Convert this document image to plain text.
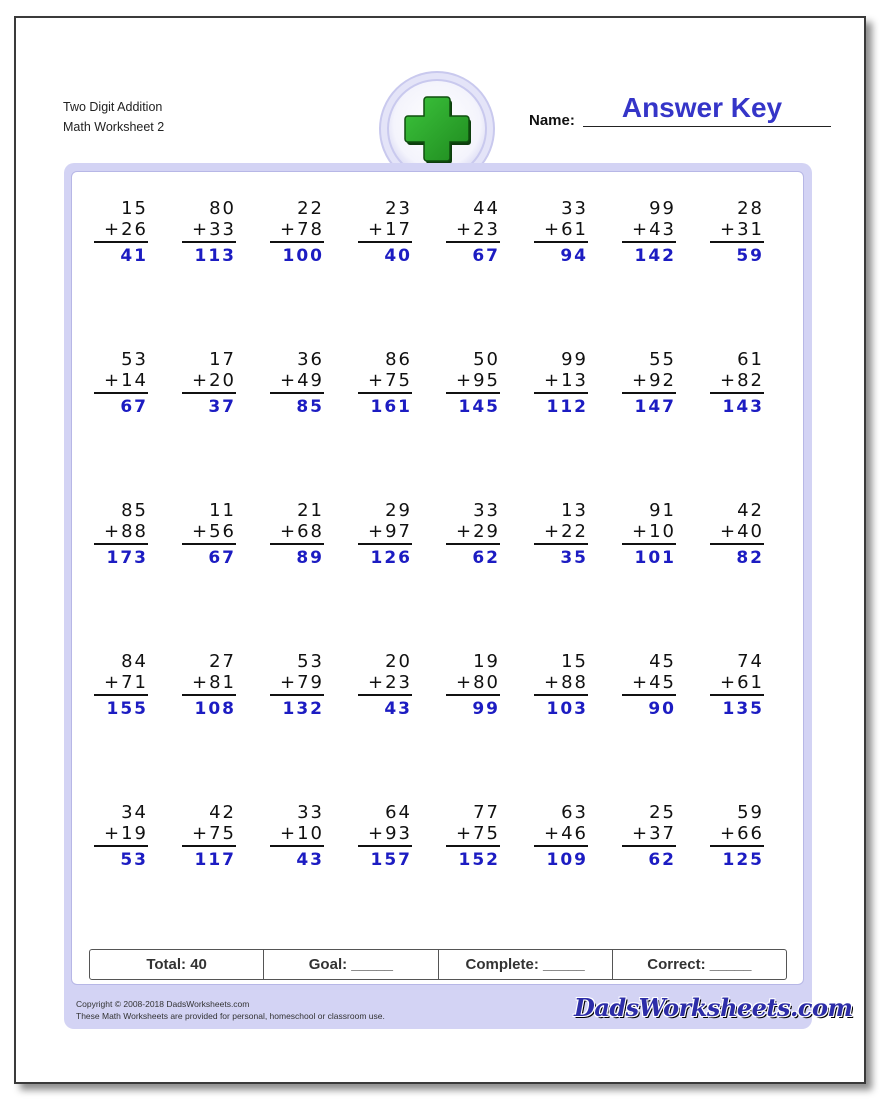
Two Digit Addition
Math Worksheet 2	Name:	Answer Key
15
+26
41
80
+33
113
22
+78
100
23
+17
40
44
+23
67
33
+61
94
99
+43
142
28
+31
59
53
+14
67
17
+20
37
36
+49
85
86
+75
161
50
+95
145
99
+13
112
55
+92
147
61
+82
143
85
+88
173
11
+56
67
21
+68
89
29
+97
126
33
+29
62
13
+22
35
91
+10
101
42
+40
82
84
+71
155
27
+81
108
53
+79
132
20
+23
43
19
+80
99
15
+88
103
45
+45
90
74
+61
135
34
+19
53
42
+75
117
33
+10
43
64
+93
157
77
+75
152
63
+46
109
25
+37
62
59
+66
125
Total: 40	Goal: _____	Complete: _____	Correct: _____
Copyright © 2008-2018 DadsWorksheets.com
These Math Worksheets are provided for personal, homeschool or classroom use.	DadsWorksheets.com
